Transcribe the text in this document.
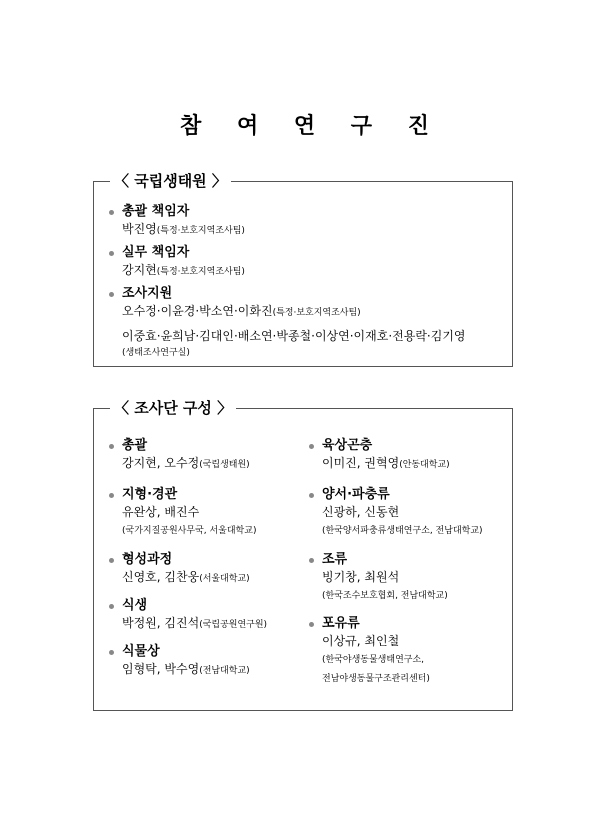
참 여 연 구 진
〈 국립생태원 〉
총괄 책임자
박진영(특정·보호지역조사팀)
실무 책임자
강지현(특정·보호지역조사팀)
조사지원
오수정·이윤경·박소연·이화진(특정·보호지역조사팀)
이중효·윤희남·김대인·배소연·박종철·이상연·이재호·전용락·김기영
(생태조사연구실)
〈 조사단 구성 〉
총괄
강지현, 오수정(국립생태원)
지형·경관
유완상, 배진수
(국가지질공원사무국, 서울대학교)
형성과정
신영호, 김찬웅(서울대학교)
식생
박정원, 김진석(국립공원연구원)
식물상
임형탁, 박수영(전남대학교)
육상곤충
이미진, 권혁영(안동대학교)
양서·파충류
신광하, 신동현
(한국양서파충류생태연구소, 전남대학교)
조류
빙기창, 최원석
(한국조수보호협회, 전남대학교)
포유류
이상규, 최인철
(한국야생동물생태연구소,
전남야생동물구조관리센터)
